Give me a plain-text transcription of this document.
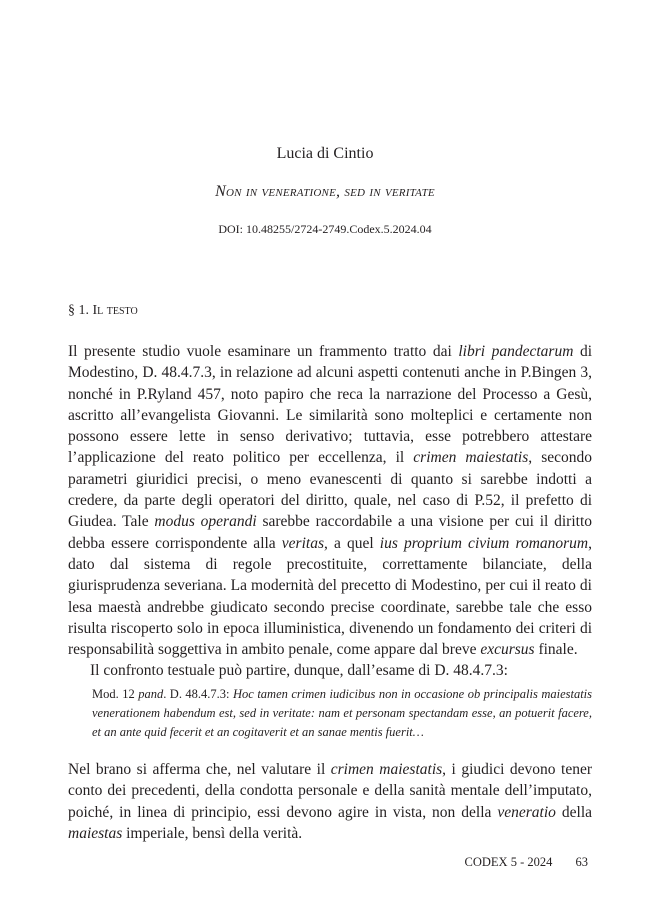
Lucia di Cintio
Non in veneratione, sed in veritate
DOI: 10.48255/2724-2749.Codex.5.2024.04
§ 1. Il testo

Il presente studio vuole esaminare un frammento tratto dai libri pandectarum di Modestino, D. 48.4.7.3, in relazione ad alcuni aspetti contenuti anche in P.Bingen 3, nonché in P.Ryland 457, noto papiro che reca la narrazione del Processo a Gesù, ascritto all’evangelista Giovanni. Le similarità sono molteplici e certamente non possono essere lette in senso derivativo; tuttavia, esse potrebbero attestare l’applicazione del reato politico per eccellenza, il crimen maiestatis, secondo parametri giuridici precisi, o meno evanescenti di quanto si sarebbe indotti a credere, da parte degli operatori del diritto, quale, nel caso di P.52, il prefetto di Giudea. Tale modus operandi sarebbe raccordabile a una visione per cui il diritto debba essere corrispondente alla veritas, a quel ius proprium civium romanorum, dato dal sistema di regole precostituite, correttamente bilanciate, della giurisprudenza severiana. La modernità del precetto di Modestino, per cui il reato di lesa maestà andrebbe giudicato secondo precise coordinate, sarebbe tale che esso risulta riscoperto solo in epoca illuministica, divenendo un fondamento dei criteri di responsabilità soggettiva in ambito penale, come appare dal breve excursus finale.

Il confronto testuale può partire, dunque, dall’esame di D. 48.4.7.3:

Mod. 12 pand. D. 48.4.7.3: Hoc tamen crimen iudicibus non in occasione ob principalis maiestatis venerationem habendum est, sed in veritate: nam et personam spectandam esse, an potuerit facere, et an ante quid fecerit et an cogitaverit et an sanae mentis fuerit…

Nel brano si afferma che, nel valutare il crimen maiestatis, i giudici devono tener conto dei precedenti, della condotta personale e della sanità mentale dell’imputato, poiché, in linea di principio, essi devono agire in vista, non della veneratio della maiestas imperiale, bensì della verità.

CODEX 5 - 2024 63
